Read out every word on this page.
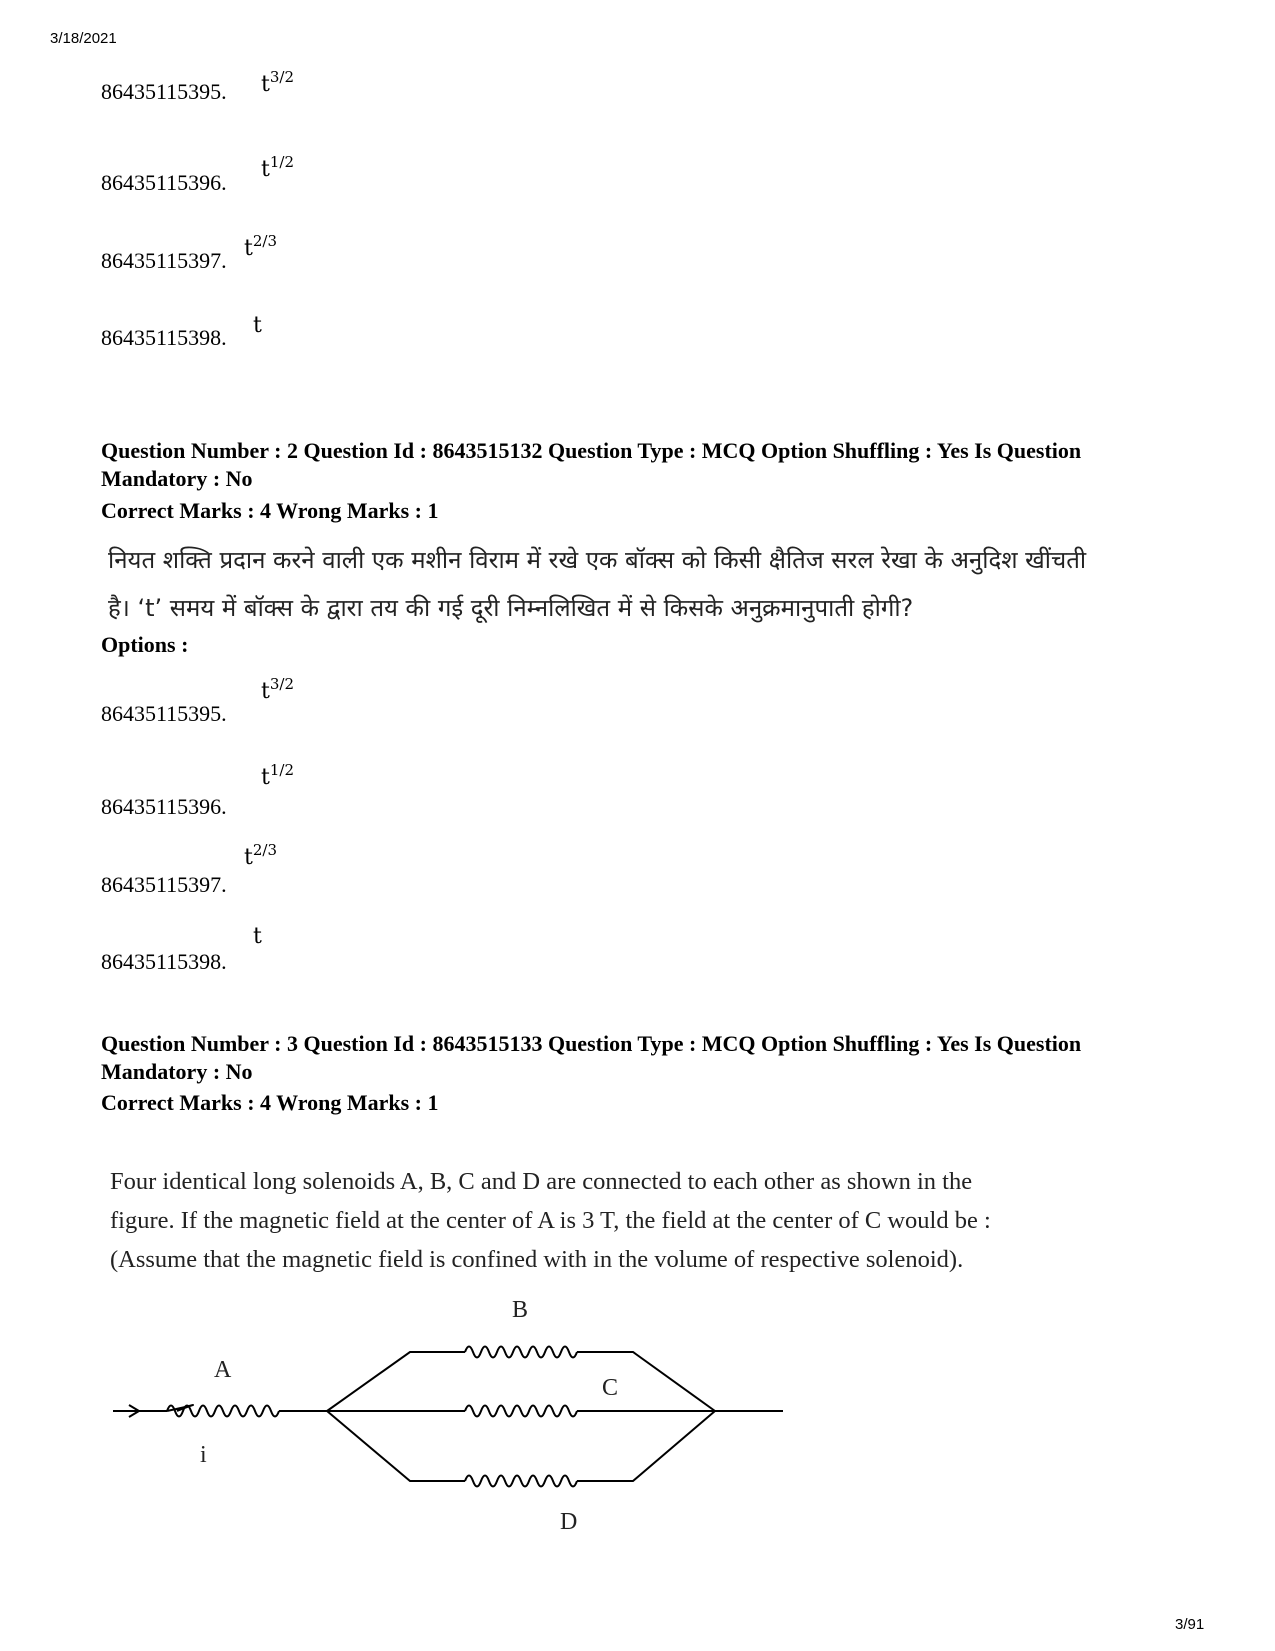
3/18/2021
86435115395. $t^{3/2}$
86435115396.
$t^{1/2}$
86435115397. $t^{2/3}$
86435115398. t
Question Number : 2 Question Id : 8643515132 Question Type : MCQ Option Shuffling : Yes Is Question Mandatory : No
Correct Marks : 4 Wrong Marks : 1
नियत शक्ति प्रदान करने वाली एक मशीन विराम में रखे एक बॉक्स को किसी क्षैतिज सरल रेखा के अनुदिश खींचती
है। ‘t’ समय में बॉक्स के द्वारा तय की गई दूरी निम्नलिखित में से किसके अनुक्रमानुपाती होगी?
Options :
86435115395.
$t^{3/2}$
86435115396.
$t^{1/2}$
86435115397.
$t^{2/3}$
86435115398.
t
Question Number : 3 Question Id : 8643515133 Question Type : MCQ Option Shuffling : Yes Is Question Mandatory : No
Correct Marks : 4 Wrong Marks : 1
Four identical long solenoids A, B, C and D are connected to each other as shown in the
figure. If the magnetic field at the center of A is 3 T, the field at the center of C would be :
(Assume that the magnetic field is confined with in the volume of respective solenoid).
A
B
C
D
i
3/91
